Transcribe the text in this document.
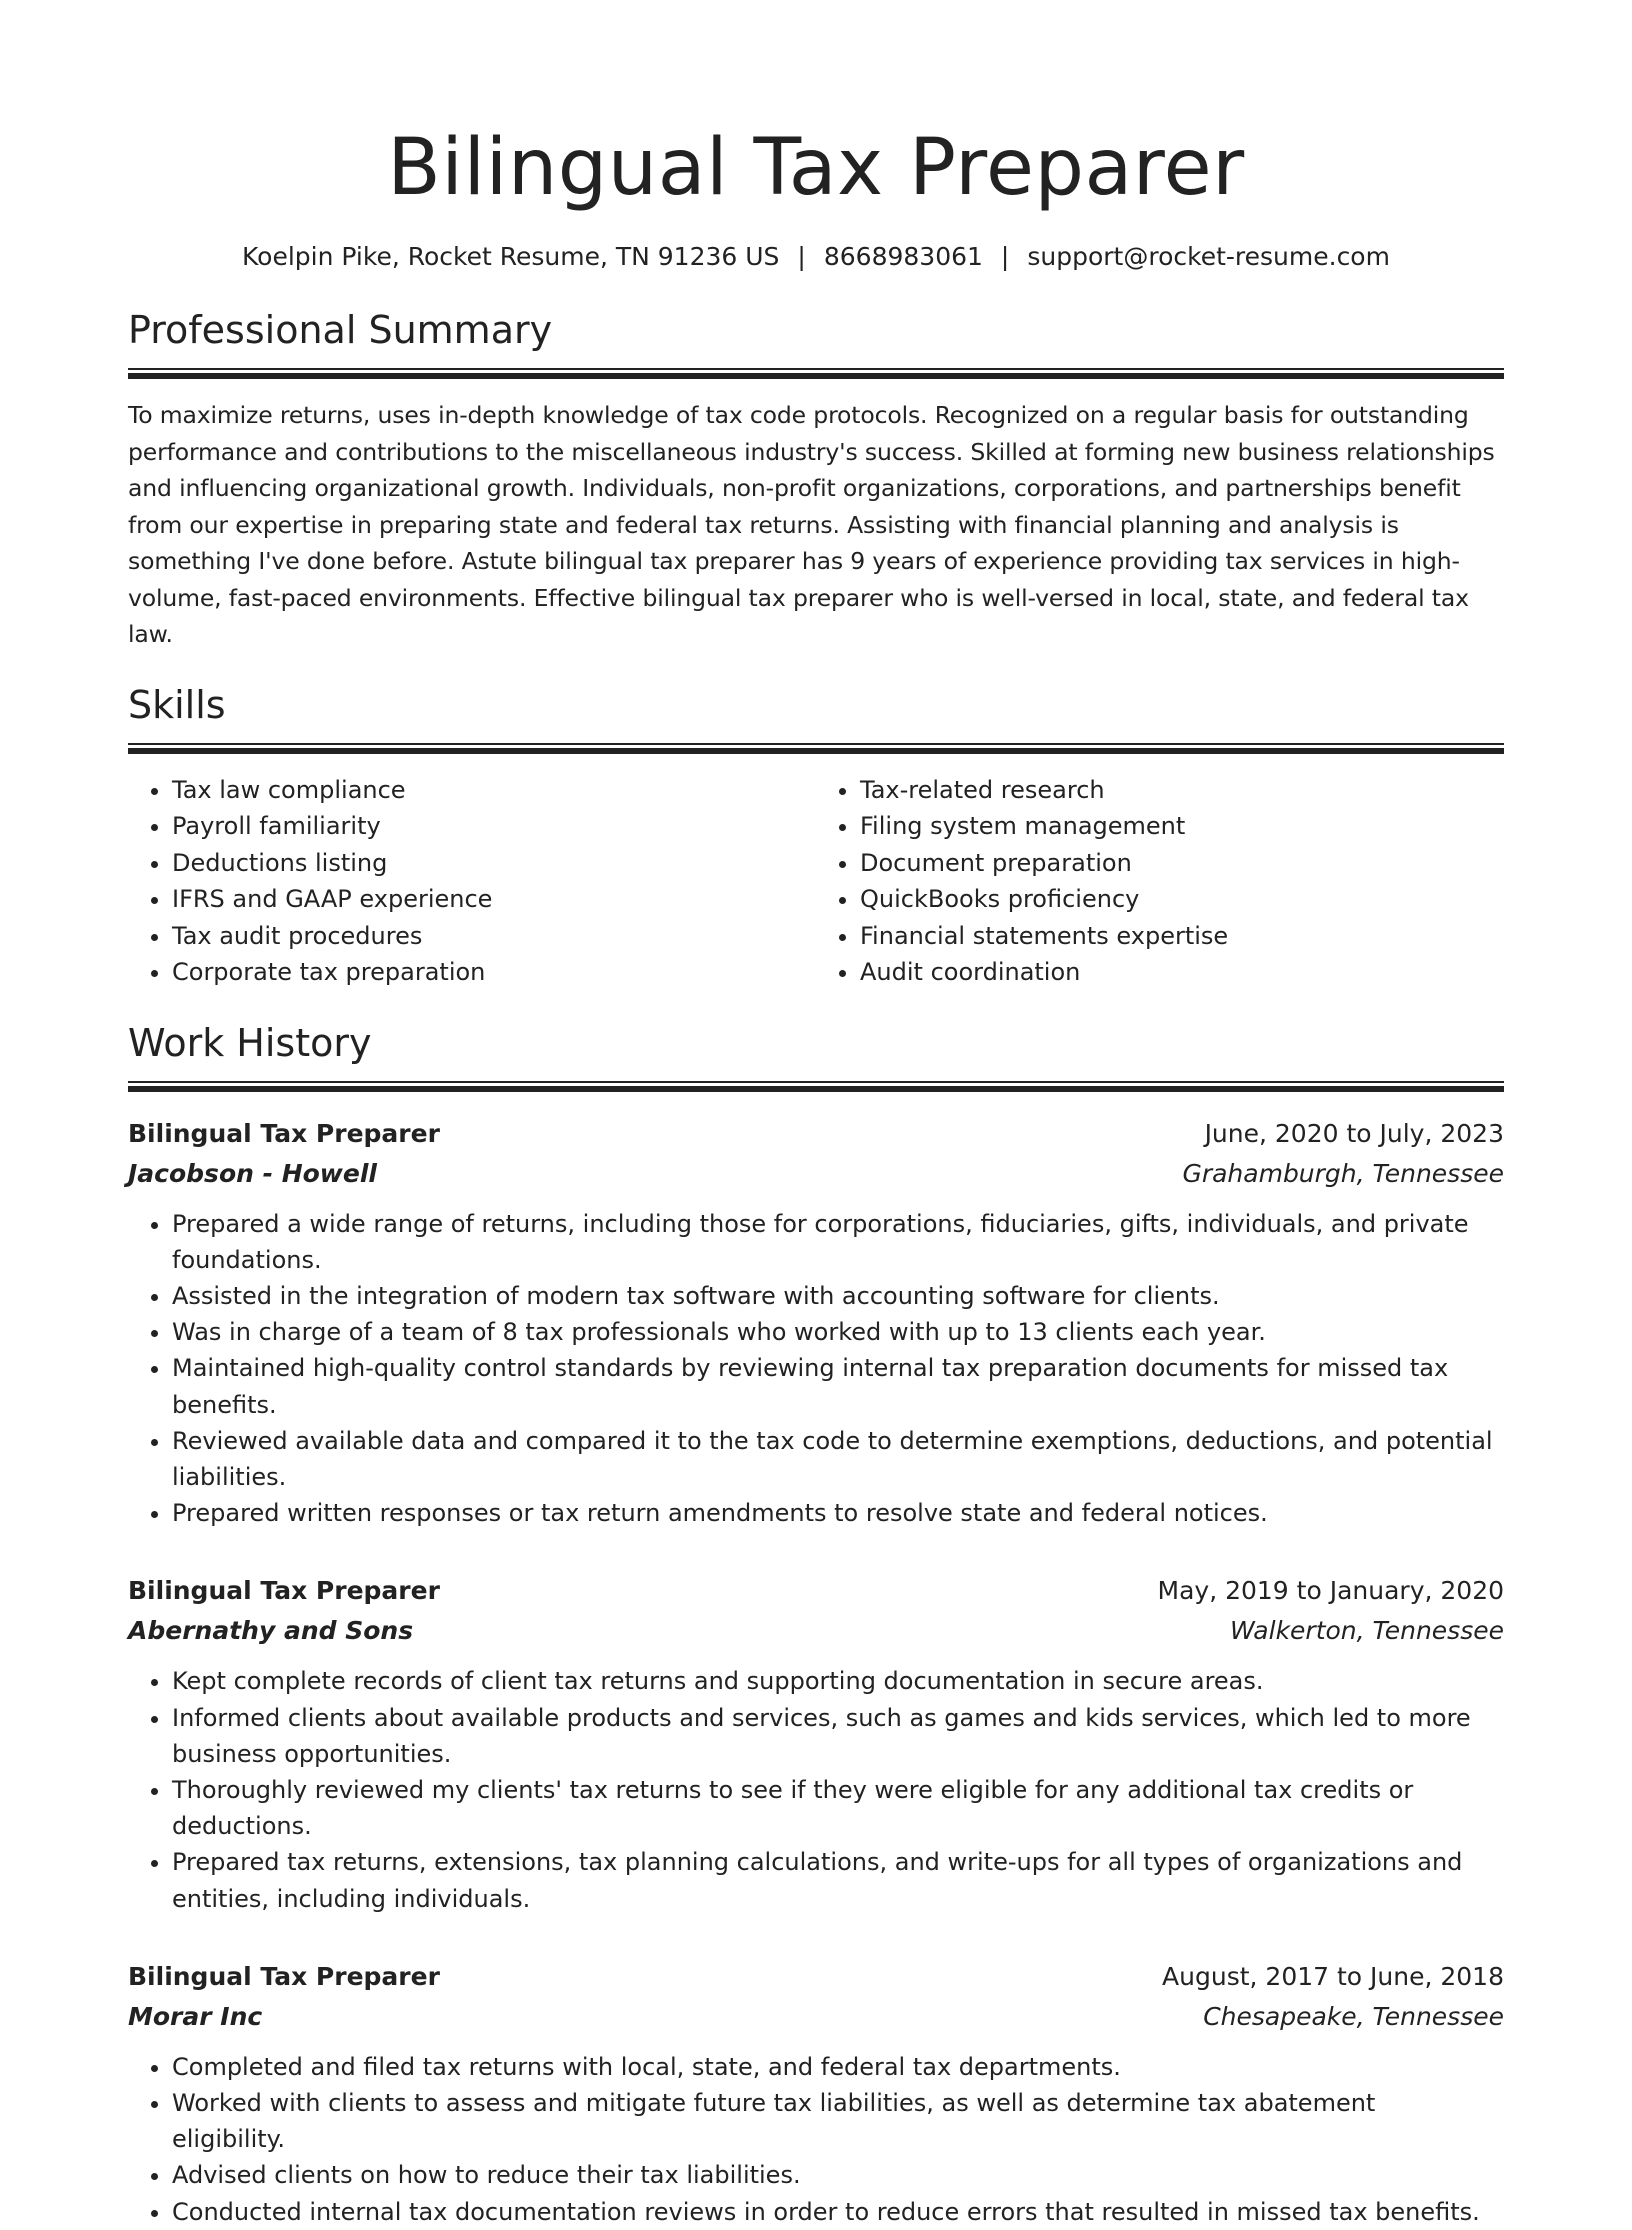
Bilingual Tax Preparer
Koelpin Pike, Rocket Resume, TN 91236 US | 8668983061 | support@rocket-resume.com
Professional Summary

To maximize returns, uses in-depth knowledge of tax code protocols. Recognized on a regular basis for outstanding performance and contributions to the miscellaneous industry's success. Skilled at forming new business relationships and influencing organizational growth. Individuals, non-profit organizations, corporations, and partnerships benefit from our expertise in preparing state and federal tax returns. Assisting with financial planning and analysis is something I've done before. Astute bilingual tax preparer has 9 years of experience providing tax services in high-volume, fast-paced environments. Effective bilingual tax preparer who is well-versed in local, state, and federal tax law.

Skills
• Tax law compliance
• Payroll familiarity
• Deductions listing
• IFRS and GAAP experience
• Tax audit procedures
• Corporate tax preparation
• Tax-related research
• Filing system management
• Document preparation
• QuickBooks proficiency
• Financial statements expertise
• Audit coordination
Work History
Bilingual Tax Preparer	June, 2020 to July, 2023
Jacobson - Howell	Grahamburgh, Tennessee
• Prepared a wide range of returns, including those for corporations, fiduciaries, gifts, individuals, and private foundations.
• Assisted in the integration of modern tax software with accounting software for clients.
• Was in charge of a team of 8 tax professionals who worked with up to 13 clients each year.
• Maintained high-quality control standards by reviewing internal tax preparation documents for missed tax benefits.
• Reviewed available data and compared it to the tax code to determine exemptions, deductions, and potential liabilities.
• Prepared written responses or tax return amendments to resolve state and federal notices.
Bilingual Tax Preparer	May, 2019 to January, 2020
Abernathy and Sons	Walkerton, Tennessee
• Kept complete records of client tax returns and supporting documentation in secure areas.
• Informed clients about available products and services, such as games and kids services, which led to more business opportunities.
• Thoroughly reviewed my clients' tax returns to see if they were eligible for any additional tax credits or deductions.
• Prepared tax returns, extensions, tax planning calculations, and write-ups for all types of organizations and entities, including individuals.
Bilingual Tax Preparer	August, 2017 to June, 2018
Morar Inc	Chesapeake, Tennessee
• Completed and filed tax returns with local, state, and federal tax departments.
• Worked with clients to assess and mitigate future tax liabilities, as well as determine tax abatement eligibility.
• Advised clients on how to reduce their tax liabilities.
• Conducted internal tax documentation reviews in order to reduce errors that resulted in missed tax benefits.
